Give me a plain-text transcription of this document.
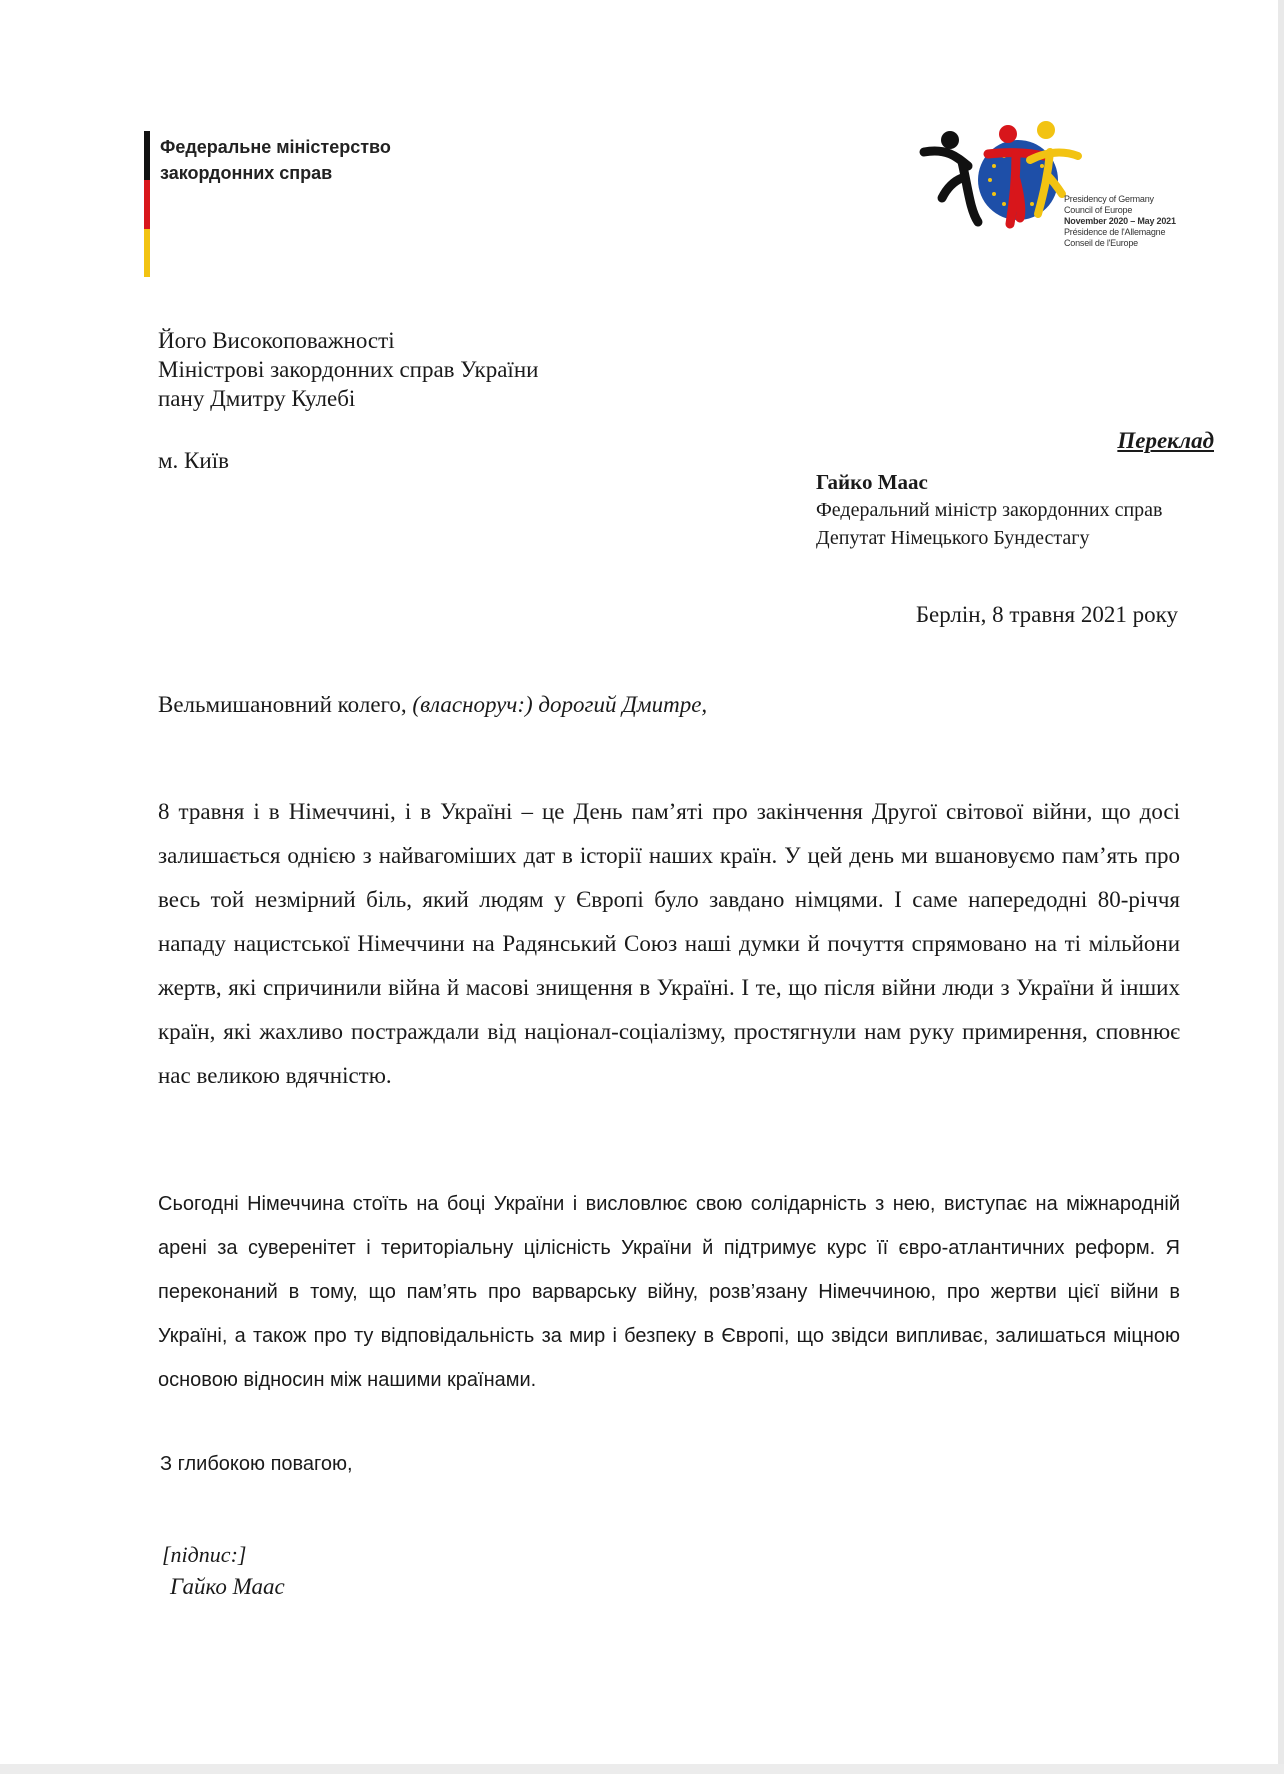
Федеральне міністерство
закордонних справ
Presidency of Germany
Council of Europe
November 2020 – May 2021
Présidence de l'Allemagne
Conseil de l'Europe
Його Високоповажності
Міністрові закордонних справ України
пану Дмитру Кулебі
м. Київ
Переклад
Гайко Маас
Федеральний міністр закордонних справ
Депутат Німецького Бундестагу
Берлін, 8 травня 2021 року
Вельмишановний колего, (власноруч:) дорогий Дмитре,
8 травня і в Німеччині, і в Україні – це День пам’яті про закінчення Другої світової війни, що досі залишається однією з найвагоміших дат в історії наших країн. У цей день ми вшановуємо пам’ять про весь той незмірний біль, який людям у Європі було завдано німцями. І саме напередодні 80-річчя нападу нацистської Німеччини на Радянський Союз наші думки й почуття спрямовано на ті мільйони жертв, які спричинили війна й масові знищення в Україні. І те, що після війни люди з України й інших країн, які жахливо постраждали від націонал-соціалізму, простягнули нам руку примирення, сповнює нас великою вдячністю.
Сьогодні Німеччина стоїть на боці України і висловлює свою солідарність з нею, виступає на міжнародній арені за суверенітет і територіальну цілісність України й підтримує курс її євро-атлантичних реформ. Я переконаний в тому, що пам’ять про варварську війну, розв’язану Німеччиною, про жертви цієї війни в Україні, а також про ту відповідальність за мир і безпеку в Європі, що звідси випливає, залишаться міцною основою відносин між нашими країнами.
З глибокою повагою,
[підпис:]
Гайко Маас
